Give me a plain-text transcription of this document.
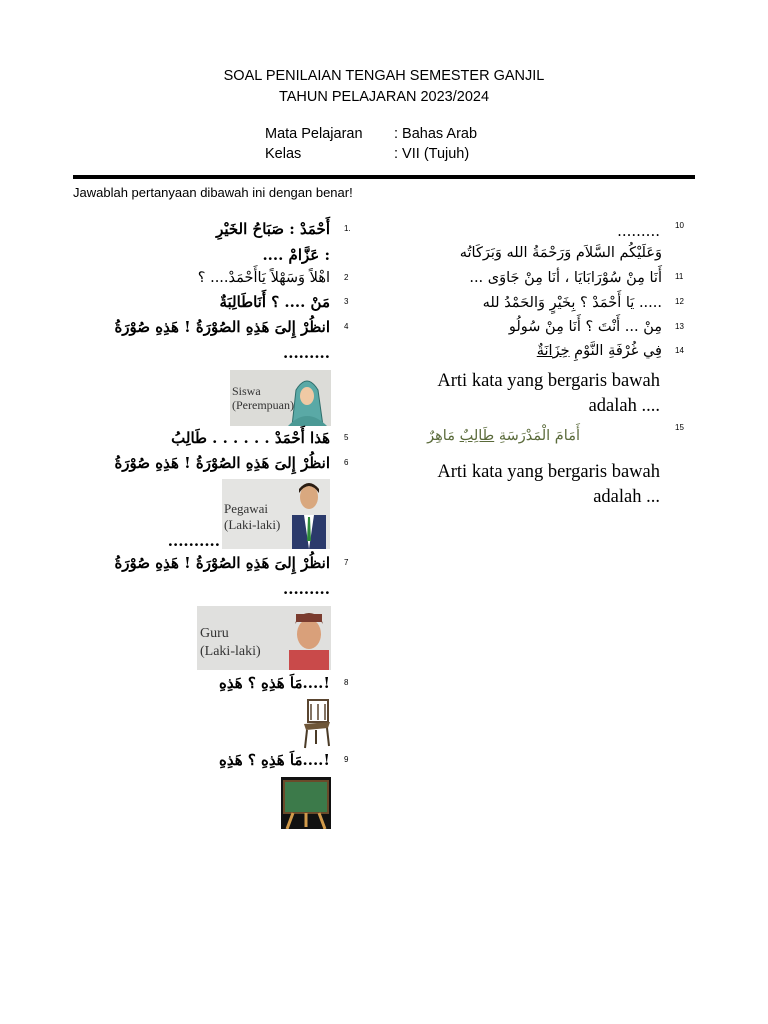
SOAL PENILAIAN TENGAH SEMESTER GANJIL
TAHUN PELAJARAN 2023/2024
Mata Pelajaran : Bahas Arab
Kelas	: VII (Tujuh)
Jawablah pertanyaan dibawah ini dengan benar!
1.
أَحْمَدْ : صَبَاحُ الخَيْرِ
: عَزَّامْ ....
2
اهْلاً وَسَهْلاً يَاأَحْمَدْ.... ؟
3
مَنْ .... ؟ أَنَاطَالِبَةٌ
4
انظُرْ إِلىَ هَذِهِ الصُوْرَةُ ! هَذِهِ صُوْرَةُ
.........
Siswa
(Perempuan)
5
هَذا أَحْمَدْ . . . . . . طَالِبُ
6
انظُرْ إِلىَ هَذِهِ الصُوْرَةُ ! هَذِهِ صُوْرَةُ
Pegawai
(Laki-laki)
..........
7
انظُرْ إِلىَ هَذِهِ الصُوْرَةُ ! هَذِهِ صُوْرَةُ
.........
Guru
(Laki-laki)
8
!....مَاَ هَذِهِ ؟ هَذِهِ
9
!....مَاَ هَذِهِ ؟ هَذِهِ
10
.........
وَعَلَيْكُم السَّلاَم وَرَحْمَةُ الله وَبَرَكَاتُه
11
أَنَا مِنْ سُوْرَابَايَا ، أنَا مِنْ جَاوَى ...
12
..... يَا أَحْمَدْ ؟ بِخَيْرٍ وَالحَمْدُ لله
13
مِنْ ... أَنْتَ ؟ أَنَا مِنْ سُولُو
14
فِي غُرْفَةِ النَّوْمِ خِزَانَةٌ
Arti kata yang bergaris bawah adalah ....
15
أَمَامَ الْمَدْرَسَةِ طَالِبٌ مَاهِرٌ
Arti kata yang bergaris bawah adalah ...
